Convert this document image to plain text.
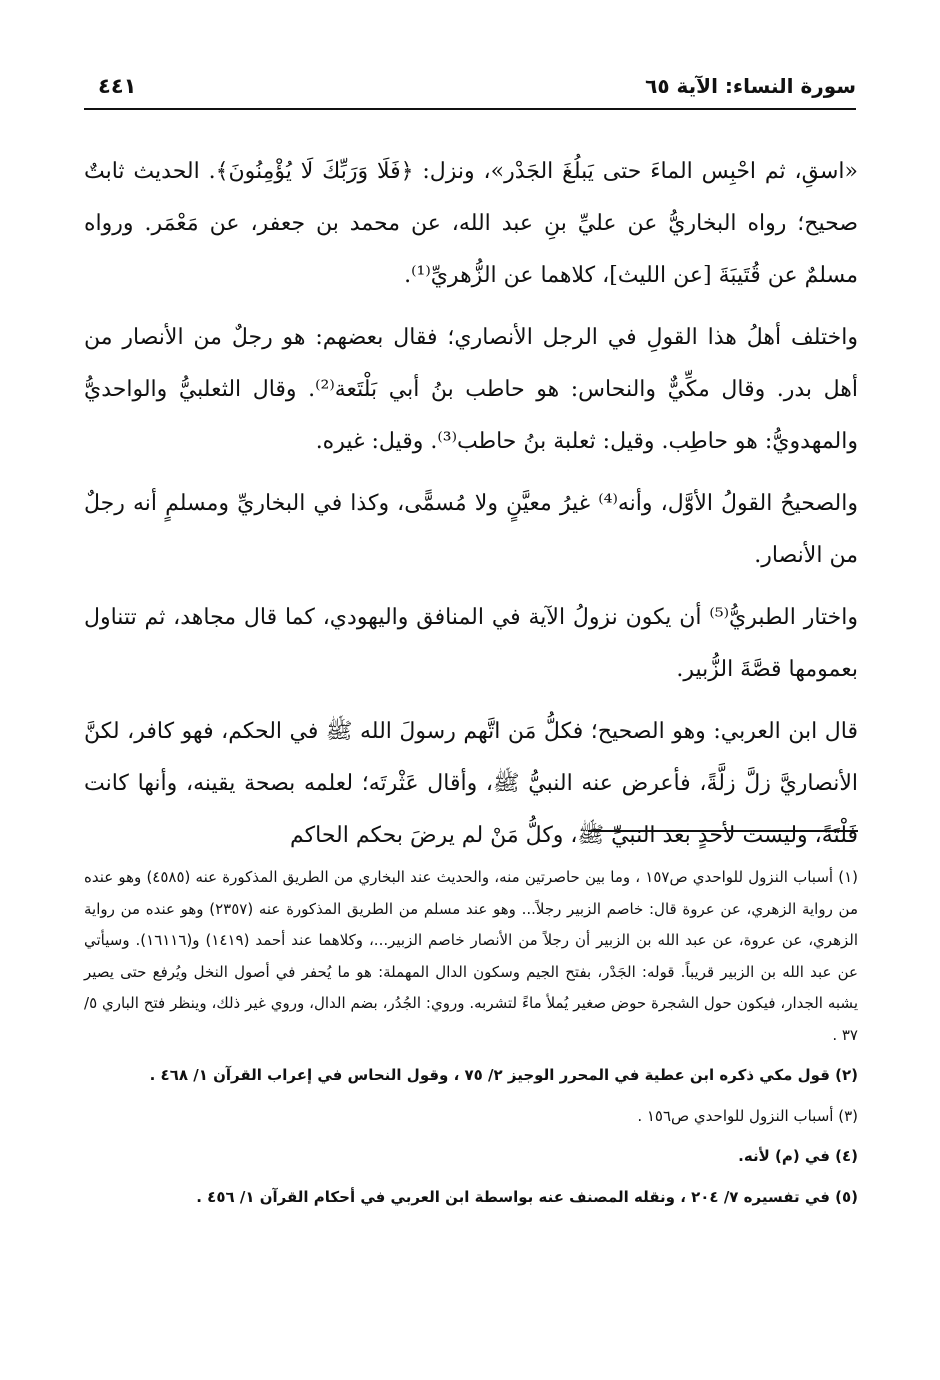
سورة النساء: الآية ٦٥
٤٤١

«اسقِ، ثم احْبِس الماءَ حتى يَبلُغَ الجَدْر»، ونزل: ﴿فَلَا وَرَبِّكَ لَا يُؤْمِنُونَ﴾. الحديث ثابتٌ صحيح؛ رواه البخاريُّ عن عليِّ بنِ عبد الله، عن محمد بن جعفر، عن مَعْمَر. ورواه مسلمٌ عن قُتَيبَةَ [عن الليث]، كلاهما عن الزُّهريِّ⁽¹⁾.

واختلف أهلُ هذا القولِ في الرجل الأنصاري؛ فقال بعضهم: هو رجلٌ من الأنصار من أهل بدر. وقال مكِّيٌّ والنحاس: هو حاطب بنُ أبي بَلْتَعة⁽²⁾. وقال الثعلبيُّ والواحديُّ والمهدويُّ: هو حاطِب. وقيل: ثعلبة بنُ حاطب⁽³⁾. وقيل: غيره.

والصحيحُ القولُ الأوَّل، وأنه⁽⁴⁾ غيرُ معيَّنٍ ولا مُسمًّى، وكذا في البخاريِّ ومسلمٍ أنه رجلٌ من الأنصار.

واختار الطبريُّ⁽⁵⁾ أن يكون نزولُ الآية في المنافق واليهودي، كما قال مجاهد، ثم تتناول بعمومها قصَّةَ الزُّبير.

قال ابن العربي: وهو الصحيح؛ فكلُّ مَن اتَّهم رسولَ الله ﷺ في الحكم، فهو كافر، لكنَّ الأنصاريَّ زلَّ زلَّةً، فأعرض عنه النبيُّ ﷺ، وأقال عَثْرتَه؛ لعلمه بصحة يقينه، وأنها كانت فَلْتَةً، وليست لأحدٍ بعد النبيِّ ﷺ، وكلُّ مَنْ لم يرضَ بحكم الحاكم

(١) أسباب النزول للواحدي ص١٥٧ ، وما بين حاصرتين منه، والحديث عند البخاري من الطريق المذكورة عنه (٤٥٨٥) وهو عنده من رواية الزهري، عن عروة قال: خاصم الزبير رجلاً... وهو عند مسلم من الطريق المذكورة عنه (٢٣٥٧) وهو عنده من رواية الزهري، عن عروة، عن عبد الله بن الزبير أن رجلاً من الأنصار خاصم الزبير...، وكلاهما عند أحمد (١٤١٩) و(١٦١١٦). وسيأتي عن عبد الله بن الزبير قريباً. قوله: الجَدْر، بفتح الجيم وسكون الدال المهملة: هو ما يُحفر في أصول النخل ويُرفع حتى يصير يشبه الجدار، فيكون حول الشجرة حوض صغير يُملأ ماءً لتشربه. وروي: الجُدُر، بضم الدال، وروي غير ذلك، وينظر فتح الباري ٥/ ٣٧ .

(٢) قول مكي ذكره ابن عطية في المحرر الوجيز ٢/ ٧٥ ، وقول النحاس في إعراب القرآن ١/ ٤٦٨ .

(٣) أسباب النزول للواحدي ص١٥٦ .

(٤) في (م) لأنه.

(٥) في تفسيره ٧/ ٢٠٤ ، ونقله المصنف عنه بواسطة ابن العربي في أحكام القرآن ١/ ٤٥٦ .
